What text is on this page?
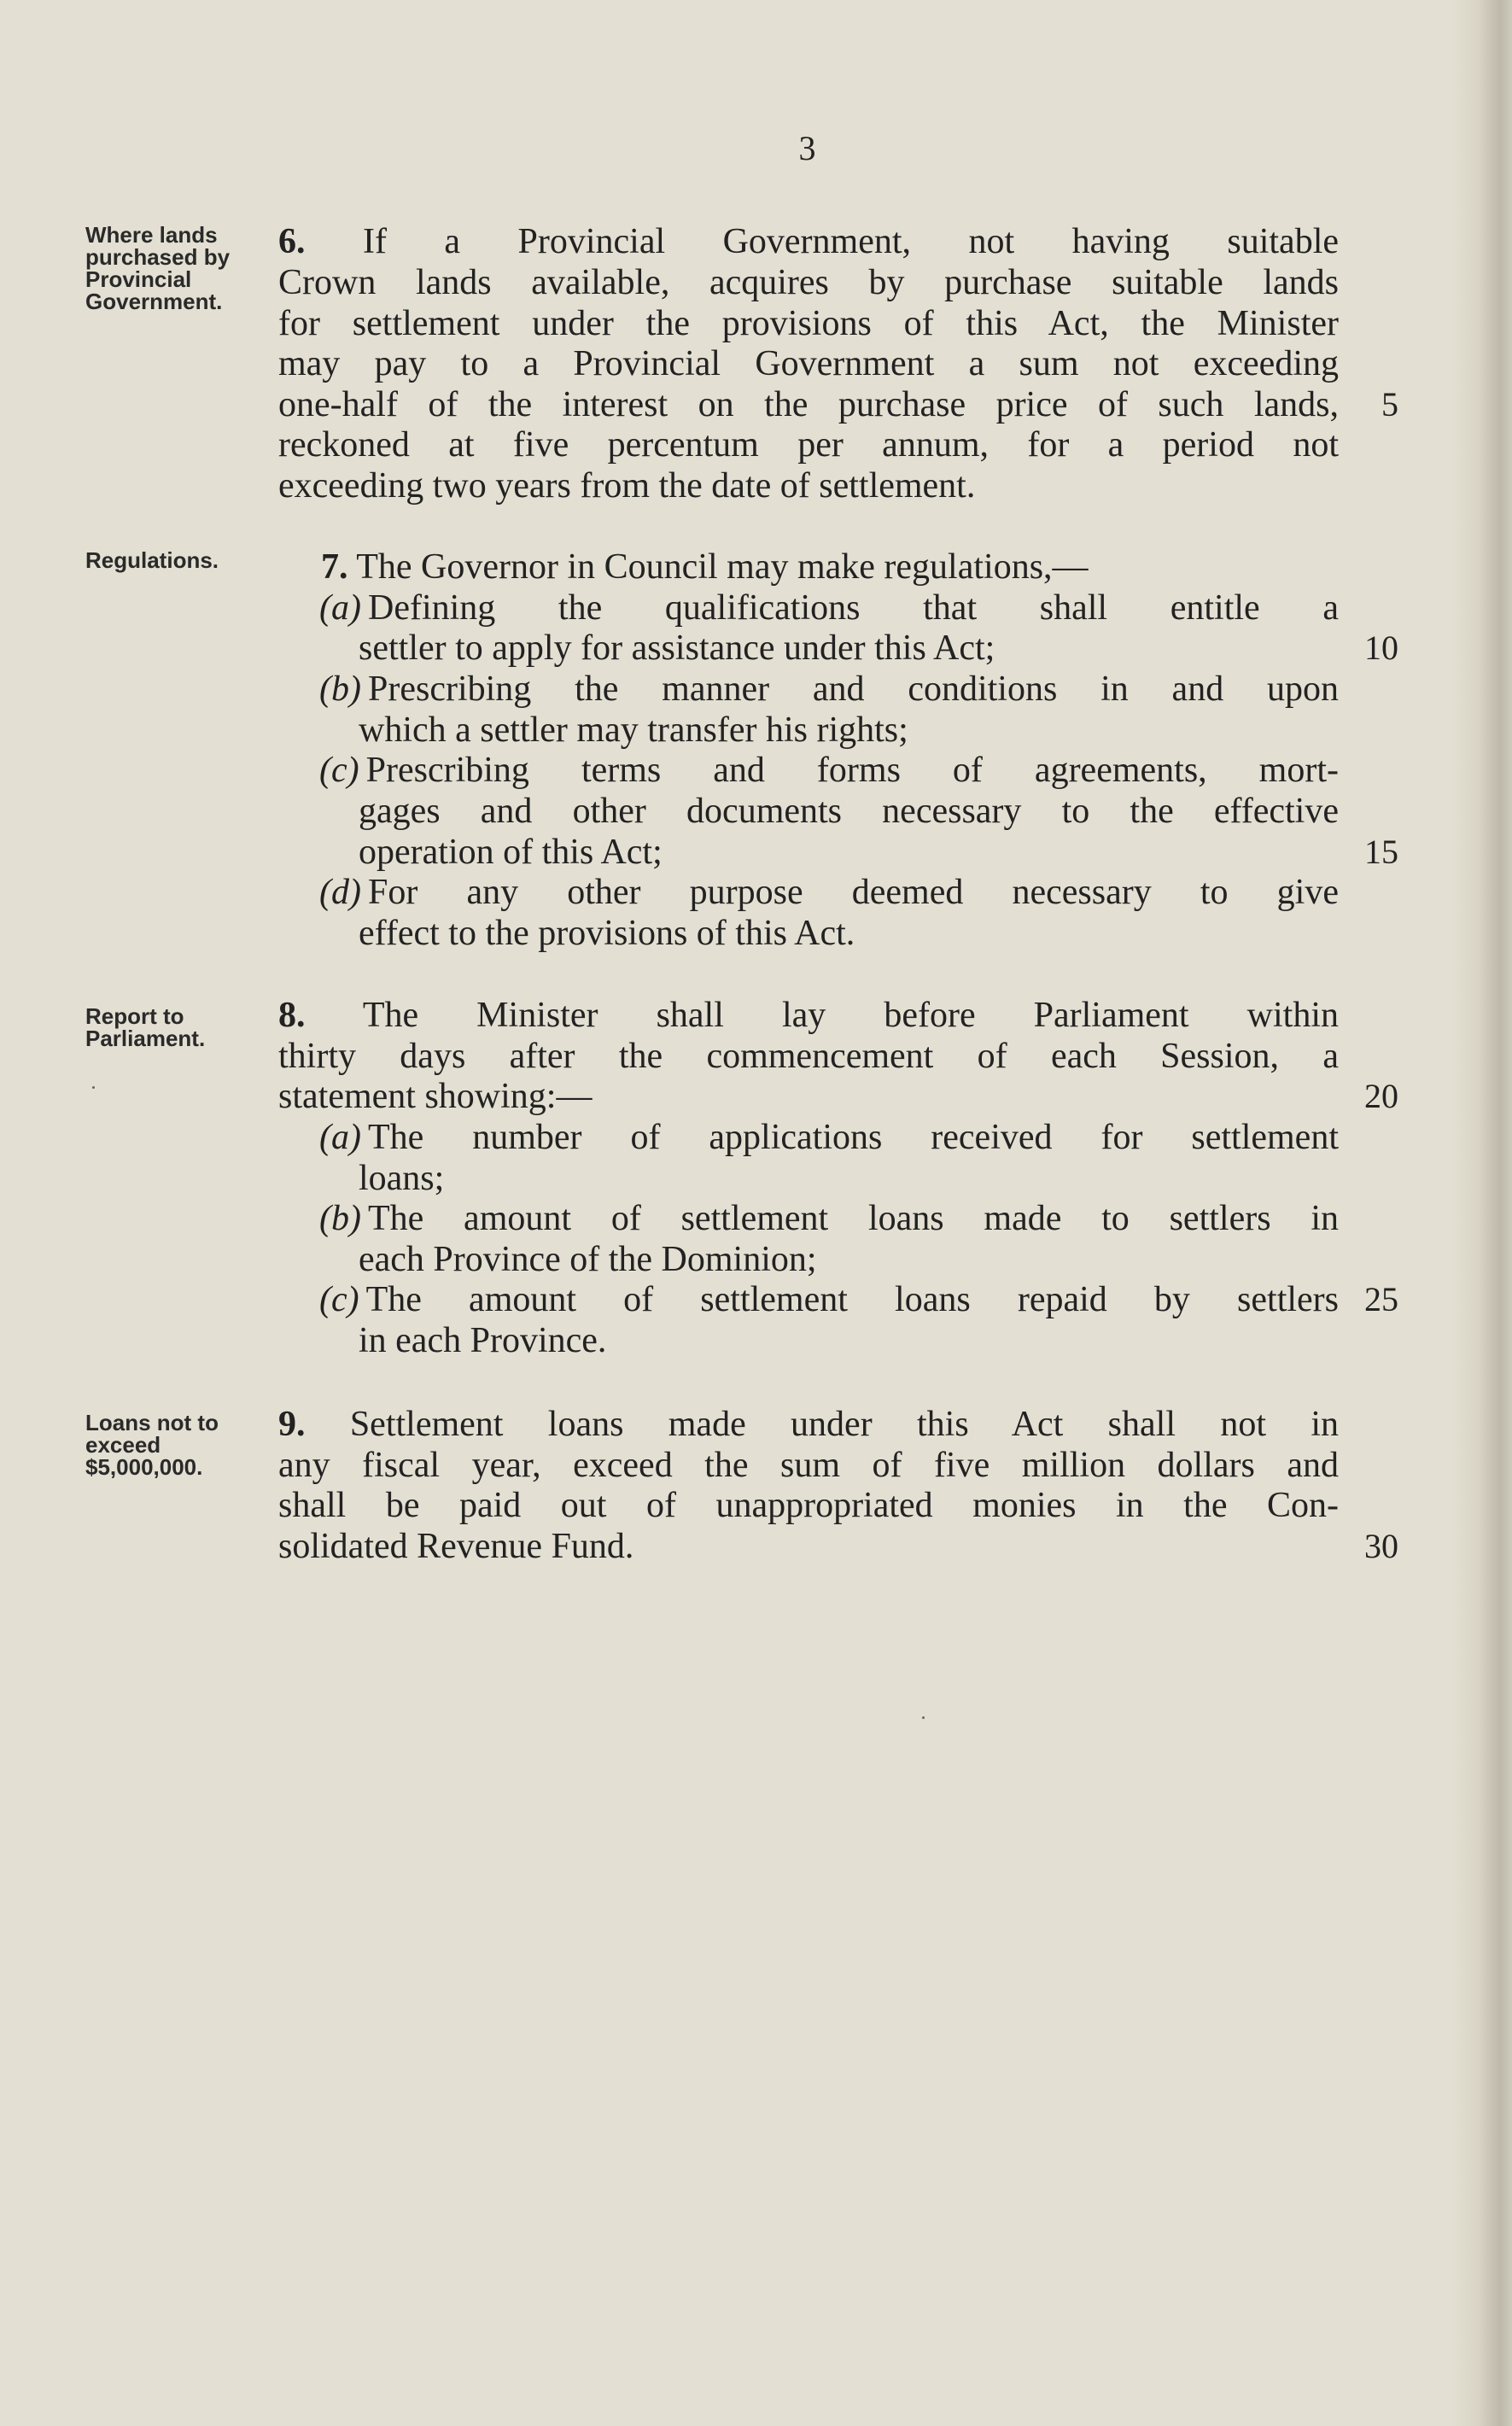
3
Where lands
purchased by
Provincial
Government.
6. If a Provincial Government, not having suitable
Crown lands available, acquires by purchase suitable lands
for settlement under the provisions of this Act, the Minister
may pay to a Provincial Government a sum not exceeding
one-half of the interest on the purchase price of such lands,	5
reckoned at five percentum per annum, for a period not
exceeding two years from the date of settlement.
Regulations.	7. The Governor in Council may make regulations,—
(a) Defining the qualifications that shall entitle a
settler to apply for assistance under this Act;	10
(b) Prescribing the manner and conditions in and upon
which a settler may transfer his rights;
(c) Prescribing terms and forms of agreements, mort-
gages and other documents necessary to the effective
operation of this Act;	15
(d) For any other purpose deemed necessary to give
effect to the provisions of this Act.
Report to
Parliament.
8. The Minister shall lay before Parliament within
thirty days after the commencement of each Session, a
statement showing:—	20
(a) The number of applications received for settlement
loans;
(b) The amount of settlement loans made to settlers in
each Province of the Dominion;
(c) The amount of settlement loans repaid by settlers 25
in each Province.
Loans not to
exceed
$5,000,000.
9. Settlement loans made under this Act shall not in
any fiscal year, exceed the sum of five million dollars and
shall be paid out of unappropriated monies in the Con-
solidated Revenue Fund.	30
